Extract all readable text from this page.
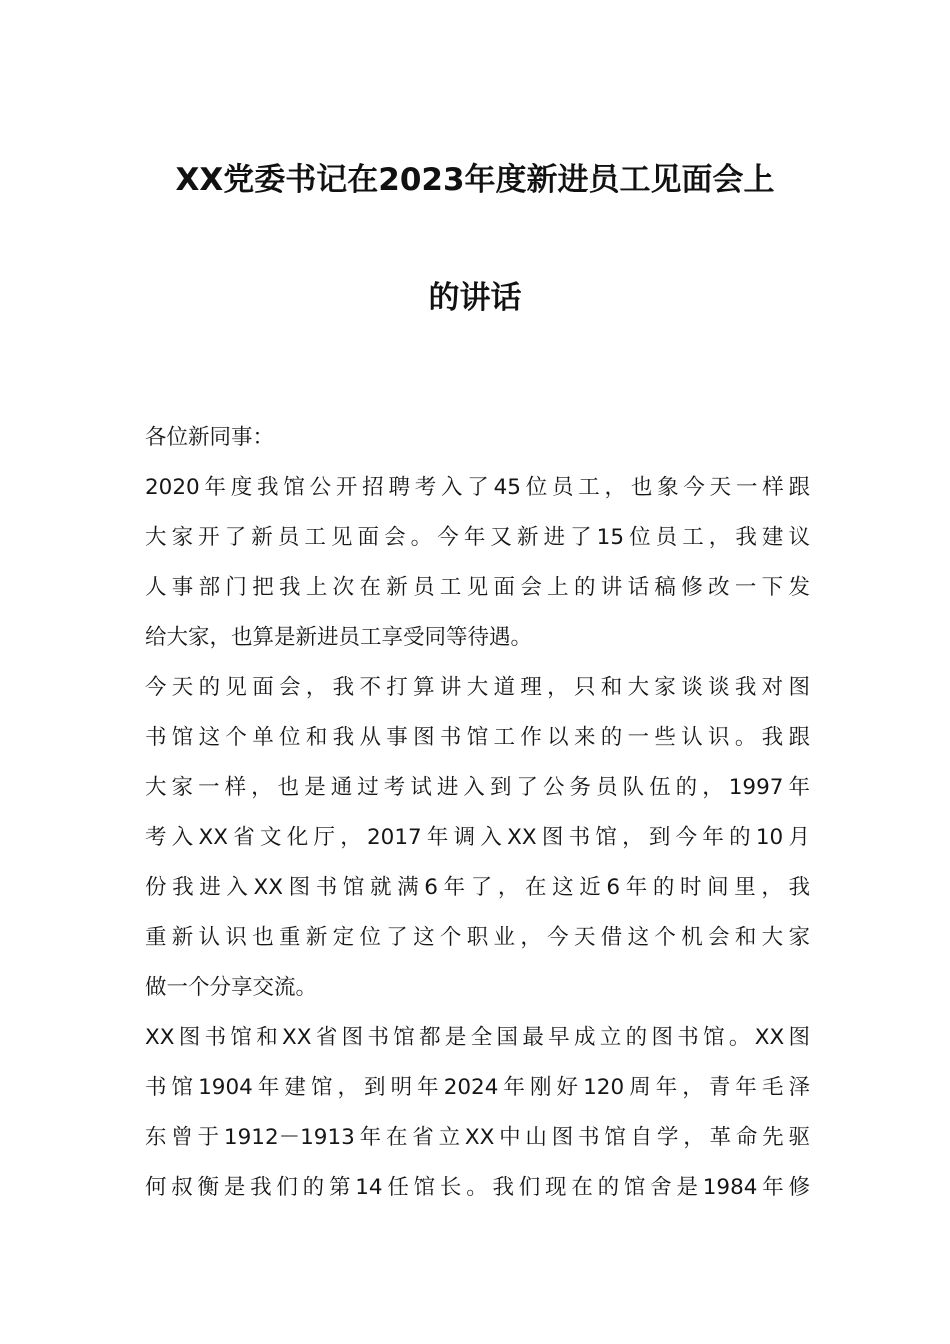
XX党委书记在2023年度新进员工见面会上
的讲话
各位新同事：
2020年度我馆公开招聘考入了45位员工，也象今天一样跟
大家开了新员工见面会。今年又新进了15位员工，我建议
人事部门把我上次在新员工见面会上的讲话稿修改一下发
给大家，也算是新进员工享受同等待遇。
今天的见面会，我不打算讲大道理，只和大家谈谈我对图
书馆这个单位和我从事图书馆工作以来的一些认识。我跟
大家一样，也是通过考试进入到了公务员队伍的，1997年
考入XX省文化厅，2017年调入XX图书馆，到今年的10月
份我进入XX图书馆就满6年了，在这近6年的时间里，我
重新认识也重新定位了这个职业，今天借这个机会和大家
做一个分享交流。
XX图书馆和XX省图书馆都是全国最早成立的图书馆。XX图
书馆1904年建馆，到明年2024年刚好120周年，青年毛泽
东曾于1912－1913年在省立XX中山图书馆自学，革命先驱
何叔衡是我们的第14任馆长。我们现在的馆舍是1984年修
